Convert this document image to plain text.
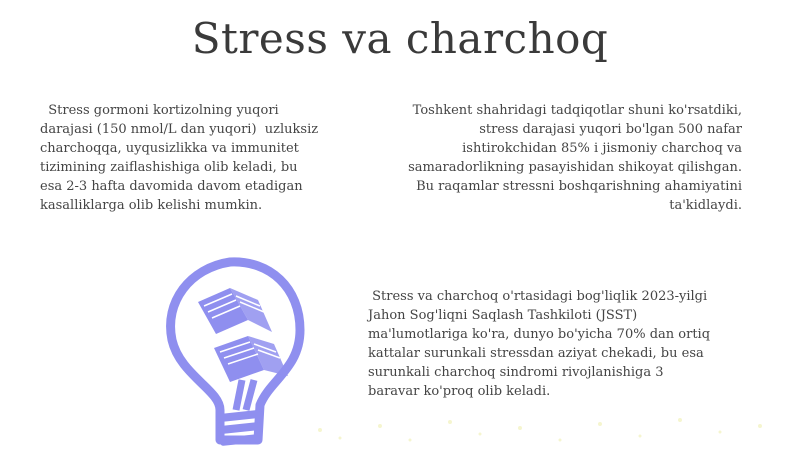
Stress va charchoq
Stress gormoni kortizolning yuqori
darajasi (150 nmol/L dan yuqori)  uzluksiz
charchoqqa, uyqusizlikka va immunitet
tizimining zaiflashishiga olib keladi, bu
esa 2-3 hafta davomida davom etadigan
kasalliklarga olib kelishi mumkin.
Toshkent shahridagi tadqiqotlar shuni ko'rsatdiki,
stress darajasi yuqori bo'lgan 500 nafar
ishtirokchidan 85% i jismoniy charchoq va
samaradorlikning pasayishidan shikoyat qilishgan.
Bu raqamlar stressni boshqarishning ahamiyatini
ta'kidlaydi.
Stress va charchoq o'rtasidagi bog'liqlik 2023-yilgi
Jahon Sog'liqni Saqlash Tashkiloti (JSST)
ma'lumotlariga ko'ra, dunyo bo'yicha 70% dan ortiq
kattalar surunkali stressdan aziyat chekadi, bu esa
surunkali charchoq sindromi rivojlanishiga 3
baravar ko'proq olib keladi.
